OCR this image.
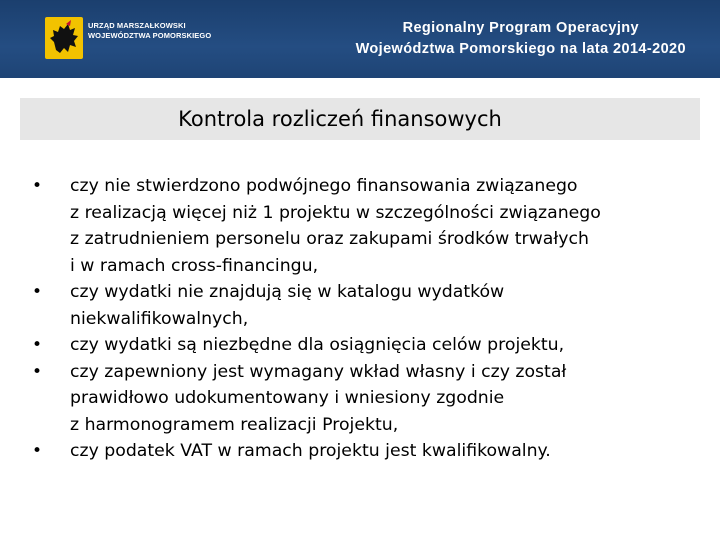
URZĄD MARSZAŁKOWSKI
WOJEWÓDZTWA POMORSKIEGO	Regionalny Program Operacyjny
Województwa Pomorskiego na lata 2014-2020
Kontrola rozliczeń finansowych
• czy nie stwierdzono podwójnego finansowania związanego
z realizacją więcej niż 1 projektu w szczególności związanego
z zatrudnieniem personelu oraz zakupami środków trwałych
i w ramach cross-financingu,
• czy wydatki nie znajdują się w katalogu wydatków
niekwalifikowalnych,
• czy wydatki są niezbędne dla osiągnięcia celów projektu,
• czy zapewniony jest wymagany wkład własny i czy został
prawidłowo udokumentowany i wniesiony zgodnie
z harmonogramem realizacji Projektu,
• czy podatek VAT w ramach projektu jest kwalifikowalny.
